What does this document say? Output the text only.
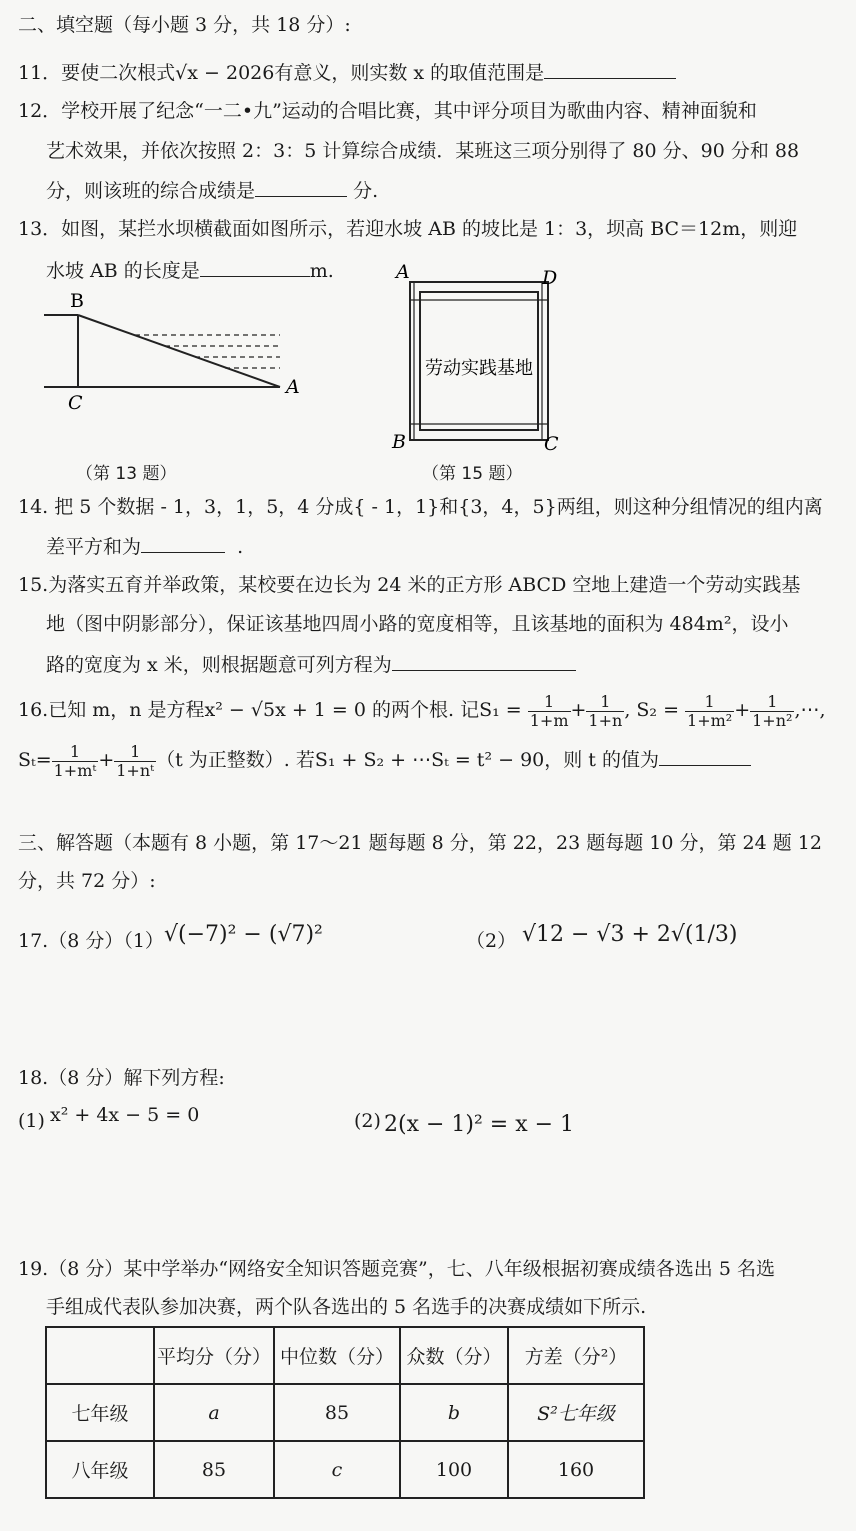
二、填空题（每小题 3 分，共 18 分）:
11．要使二次根式√x − 2026有意义，则实数 x 的取值范围是
12．学校开展了纪念“一二•九”运动的合唱比赛，其中评分项目为歌曲内容、精神面貌和
艺术效果，并依次按照 2：3：5 计算综合成绩．某班这三项分别得了 80 分、90 分和 88
分，则该班的综合成绩是	分.
13．如图，某拦水坝横截面如图所示，若迎水坡 AB 的坡比是 1：3，坝高 BC＝12m，则迎
水坡 AB 的长度是	m.
B
C
A
（第 13 题）
劳动实践基地
A	D
B	C
（第 15 题）
14. 把 5 个数据 - 1，3，1，5，4 分成{ - 1，1}和{3，4，5}两组，则这种分组情况的组内离
差平方和为	.
15.为落实五育并举政策，某校要在边长为 24 米的正方形 ABCD 空地上建造一个劳动实践基
地（图中阴影部分），保证该基地四周小路的宽度相等，且该基地的面积为 484m²，设小
路的宽度为 x 米，则根据题意可列方程为
16.已知 m，n 是方程x² − √5x + 1 = 0 的两个根. 记$S_1 = \frac{1}{1+m} + \frac{1}{1+n}$ , $S_2 = \frac{1}{\text{1+m²}} + \frac{1}{\text{1+n²}}$ ,⋯,
$S_t= \frac{1}{\text{1+mᵗ}} + \frac{1}{\text{1+nᵗ}} (t$ 为正整数）. 若S₁ + S₂ + ⋯Sₜ = t² − 90，则 t 的值为
三、解答题（本题有 8 小题，第 17～21 题每题 8 分，第 22，23 题每题 10 分，第 24 题 12
分，共 72 分）:
17.（8 分）（1） √(−7)² − (√7)²	（2） √12 − √3 + 2√(1/3)
18.（8 分）解下列方程:
(1) x² + 4x − 5 = 0	(2) 2(x − 1)² = x − 1
19.（8 分）某中学举办“网络安全知识答题竞赛”，七、八年级根据初赛成绩各选出 5 名选
手组成代表队参加决赛，两个队各选出的 5 名选手的决赛成绩如下所示.
	平均分（分）	中位数（分）	众数（分）	方差（分²）
七年级	a	85	b	S²七年级
八年级	85	c	100	160
